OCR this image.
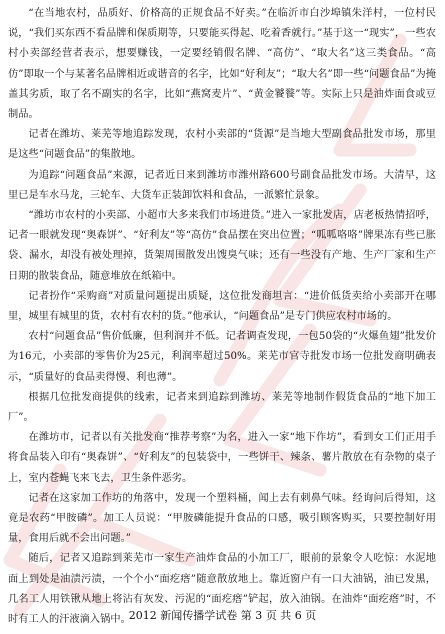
“在当地农村，品质好、价格高的正规食品不好卖。”在临沂市白沙埠镇朱洋村，一位村民说，“我们买东西不看品牌和保质期等，只要能买得起、吃着香就行。”基于这一“现实”，一些农村小卖部经营者表示，想要赚钱，一定要经销假名牌、“高仿”、“取大名”这三类食品。“高仿”即取一个与某著名品牌相近或谐音的名字，比如“好利友”；“取大名”即一些“问题食品”为掩盖其劣质，取了名不副实的名字，比如“燕窝麦片”、“黄金饕餮”等。实际上只是油炸面食或豆制品。

记者在潍坊、莱芜等地追踪发现，农村小卖部的“货源”是当地大型副食品批发市场，那里是这些“问题食品”的集散地。

为追踪“问题食品”来源，记者近日来到潍坊市潍州路600号副食品批发市场。大清早，这里已是车水马龙，三轮车、大货车正装卸饮料和食品，一派繁忙景象。

“潍坊市农村的小卖部、小超市大多来我们市场进货。”进入一家批发店，店老板热情招呼，记者一眼就发现“奥森饼”、“好利友”等“高仿”食品摆在突出位置；“呱呱咯咯”牌果冻有些已胀袋、漏水，却没有被处理掉，货架周围散发出馊臭气味；还有一些没有产地、生产厂家和生产日期的散装食品，随意堆放在纸箱中。

记者扮作“采购商”对质量问题提出质疑，这位批发商坦言：“进价低货卖给小卖部开在哪里，城里有城里的货，农村有农村的货。”他承认，“问题食品”是专门供应农村市场的。

农村“问题食品”售价低廉，但利润并不低。记者调查发现，一包50袋的“火爆鱼翅”批发价为16元，小卖部的零售价为25元，利润率超过50%。莱芜市官寺批发市场一位批发商明确表示，“质量好的食品卖得慢、利也薄”。

根据几位批发商提供的线索，记者来到追踪到潍坊、莱芜等地制作假货食品的“地下加工厂”。

在潍坊市，记者以有关批发商“推荐考察”为名，进入一家“地下作坊”，看到女工们正用手将食品装入印有“奥森饼”、“好利友”的包装袋中，一些饼干、辣条、薯片散放在有杂物的桌子上，室内苍蝇飞来飞去，卫生条件恶劣。

记者在这家加工作坊的角落中，发现一个塑料桶，闻上去有刺鼻气味。经询问后得知，这竟是农药“甲胺磷”。加工人员说：“甲胺磷能提升食品的口感，吸引顾客购买，只要控制好用量，食用后就不会出问题。”

随后，记者又追踪到莱芜市一家生产油炸食品的小加工厂，眼前的景象令人吃惊：水泥地面上到处是油渍污渍，一个个小“面疙瘩”随意散放地上。靠近窗户有一口大油锅，油已发黑，几名工人用铁锹从地上将沾有灰发、污泥的“面疙瘩”铲起，放入油锅。在油炸“面疙瘩”时，不时有工人的汗液滴入锅中。

2012 新闻传播学试卷 第 3 页 共 6 页
